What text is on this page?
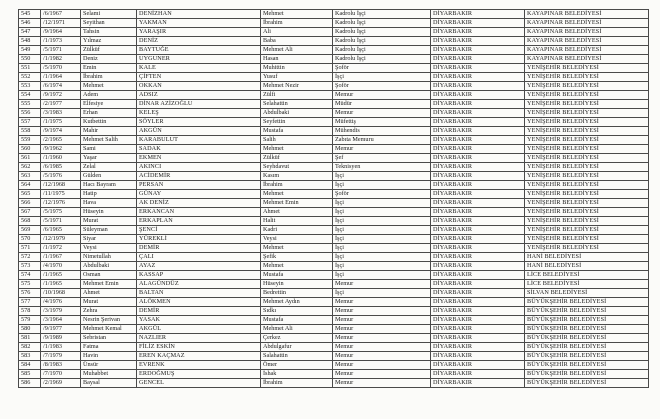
545	/6/1967	Selami	DENİZHAN	Mehmet	Kadrolu İşçi	DİYARBAKIR	KAYAPINAR BELEDİYESİ
546	/12/1971	Seyithan	YAKMAN	İbrahim	Kadrolu İşçi	DİYARBAKIR	KAYAPINAR BELEDİYESİ
547	/9/1964	Tahsin	YARAŞIR	Ali	Kadrolu İşçi	DİYARBAKIR	KAYAPINAR BELEDİYESİ
548	/1/1973	Yılmaz	DENİZ	Baba	Kadrolu İşçi	DİYARBAKIR	KAYAPINAR BELEDİYESİ
549	/5/1971	Zülküf	BAYTUĞE	Mehmet Ali	Kadrolu İşçi	DİYARBAKIR	KAYAPINAR BELEDİYESİ
550	/1/1982	Deniz	UYGUNER	Hasan	Kadrolu İşçi	DİYARBAKIR	KAYAPINAR BELEDİYESİ
551	/5/1970	Emin	KALE	Muhittin	Şoför	DİYARBAKIR	YENİŞEHİR BELEDİYESİ
552	/1/1964	İbrahim	ÇİFTEN	Yusuf	İşçi	DİYARBAKIR	YENİŞEHİR BELEDİYESİ
553	/6/1974	Mehmet	OKKAN	Mehmet Nezir	Şoför	DİYARBAKIR	YENİŞEHİR BELEDİYESİ
554	/9/1972	Adem	ADSIZ	Zülfi	Memur	DİYARBAKIR	YENİŞEHİR BELEDİYESİ
555	/2/1977	Elfesiye	DİNAR AZİZOĞLU	Selahattin	Müdür	DİYARBAKIR	YENİŞEHİR BELEDİYESİ
556	/3/1983	Erhan	KELEŞ	Abdulbaki	Memur	DİYARBAKIR	YENİŞEHİR BELEDİYESİ
557	/1/1975	Kutbettin	SÖYLER	Seyfettin	Müfettiş	DİYARBAKIR	YENİŞEHİR BELEDİYESİ
558	/9/1974	Mahir	AKGÜN	Mustafa	Mühendis	DİYARBAKIR	YENİŞEHİR BELEDİYESİ
559	/2/1965	Mehmet Salih	KARABULUT	Salih	Zabıta Memuru	DİYARBAKIR	YENİŞEHİR BELEDİYESİ
560	/9/1962	Sami	SADAK	Mehmet	Memur	DİYARBAKIR	YENİŞEHİR BELEDİYESİ
561	/1/1960	Yaşar	EKMEN	Zülküf	Şef	DİYARBAKIR	YENİŞEHİR BELEDİYESİ
562	/6/1985	Zelal	AKINCI	Seyhdavut	Teknisyen	DİYARBAKIR	YENİŞEHİR BELEDİYESİ
563	/5/1976	Gülden	ACİDEMİR	Kasım	İşçi	DİYARBAKIR	YENİŞEHİR BELEDİYESİ
564	/12/1968	Hacı Bayram	PERSAN	İbrahim	İşçi	DİYARBAKIR	YENİŞEHİR BELEDİYESİ
565	/11/1975	Hatip	GÜNAY	Mehmet	Şoför	DİYARBAKIR	YENİŞEHİR BELEDİYESİ
566	/12/1976	Hava	AK DENİZ	Mehmet Emin	İşçi	DİYARBAKIR	YENİŞEHİR BELEDİYESİ
567	/5/1975	Hüseyin	ERKANCAN	Ahmet	İşçi	DİYARBAKIR	YENİŞEHİR BELEDİYESİ
568	/5/1971	Murat	ERKAPLAN	Halit	İşçi	DİYARBAKIR	YENİŞEHİR BELEDİYESİ
569	/6/1965	Süleyman	ŞENCİ	Kadri	İşçi	DİYARBAKIR	YENİŞEHİR BELEDİYESİ
570	/12/1979	Siyar	YÜREKLİ	Veysi	İşçi	DİYARBAKIR	YENİŞEHİR BELEDİYESİ
571	/1/1972	Veysi	DEMİR	Mehmet	İşçi	DİYARBAKIR	YENİŞEHİR BELEDİYESİ
572	/1/1967	Nimetullah	ÇALI	Şefik	İşçi	DİYARBAKIR	HANİ BELEDİYESİ
573	/4/1970	Abdulbaki	AYAZ	Mehmet	İşçi	DİYARBAKIR	HANİ BELEDİYESİ
574	/1/1965	Osman	KASSAP	Mustafa	İşçi	DİYARBAKIR	LİCE BELEDİYESİ
575	/1/1965	Mehmet Emin	ALAGÜNDÜZ	Hüseyin	Memur	DİYARBAKIR	LİCE BELEDİYESİ
576	/10/1968	Ahmet	BALTAN	Bedrettin	İşçi	DİYARBAKIR	SİLVAN BELEDİYESİ
577	/4/1976	Murat	ALÖKMEN	Mehmet Aydın	Memur	DİYARBAKIR	BÜYÜKŞEHİR BELEDİYESİ
578	/3/1979	Zehra	DEMİR	Sıdkı	Memur	DİYARBAKIR	BÜYÜKŞEHİR BELEDİYESİ
579	/3/1964	Nesrin Şerivan	YASAK	Mustafa	Memur	DİYARBAKIR	BÜYÜKŞEHİR BELEDİYESİ
580	/9/1977	Mehmet Kemal	AKGÜL	Mehmet Ali	Memur	DİYARBAKIR	BÜYÜKŞEHİR BELEDİYESİ
581	/9/1989	Sebristan	NAZLIER	Çerkez	Memur	DİYARBAKIR	BÜYÜKŞEHİR BELEDİYESİ
582	/1/1983	Fatma	FİLİZ ESKİN	Abdulgafur	Memur	DİYARBAKIR	BÜYÜKŞEHİR BELEDİYESİ
583	/7/1979	Havin	EREN KAÇMAZ	Salahattin	Memur	DİYARBAKIR	BÜYÜKŞEHİR BELEDİYESİ
584	/8/1983	Ünsür	EVRENK	Ömer	Memur	DİYARBAKIR	BÜYÜKŞEHİR BELEDİYESİ
585	/7/1970	Muhabbet	ERDOĞMUŞ	İshak	Memur	DİYARBAKIR	BÜYÜKŞEHİR BELEDİYESİ
586	/2/1969	Baysal	GENCEL	İbrahim	Memur	DİYARBAKIR	BÜYÜKŞEHİR BELEDİYESİ
